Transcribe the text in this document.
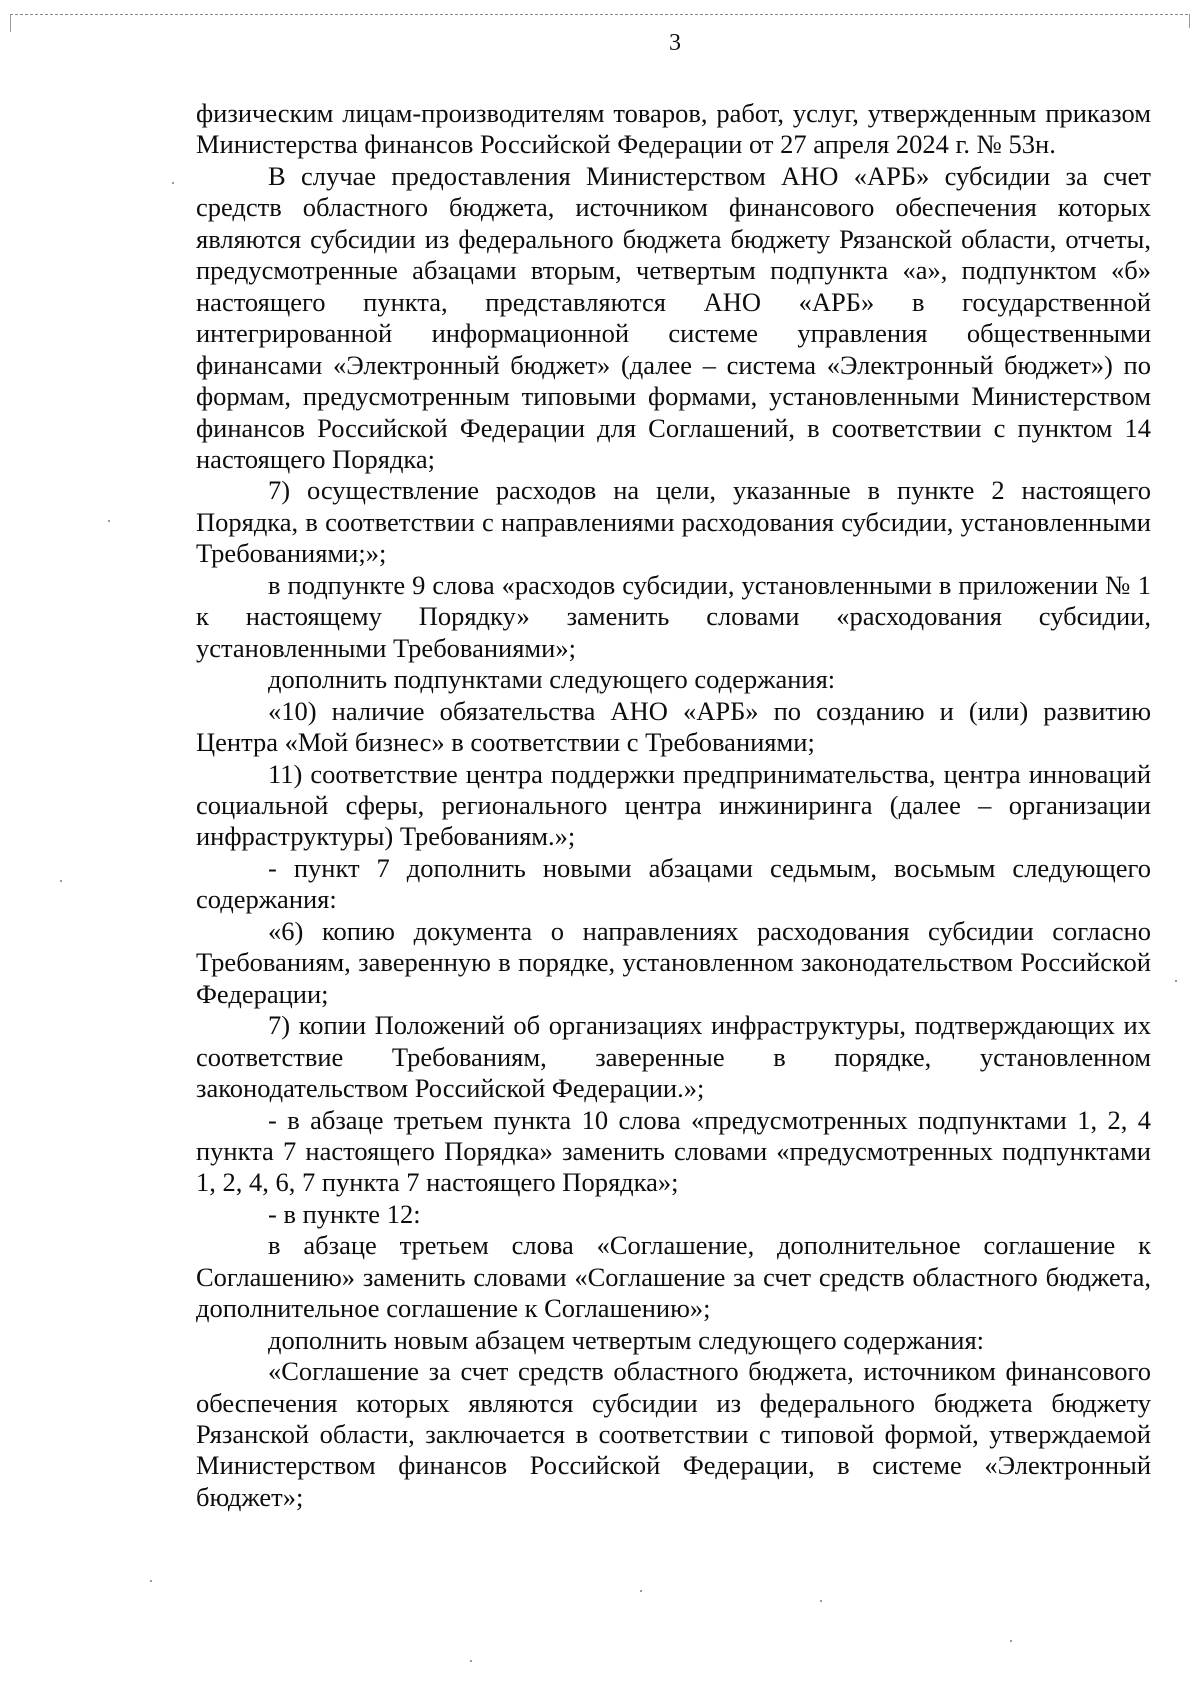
3

физическим лицам-производителям товаров, работ, услуг, утвержденным приказом Министерства финансов Российской Федерации от 27 апреля 2024 г. № 53н.

В случае предоставления Министерством АНО «АРБ» субсидии за счет средств областного бюджета, источником финансового обеспечения которых являются субсидии из федерального бюджета бюджету Рязанской области, отчеты, предусмотренные абзацами вторым, четвертым подпункта «а», подпунктом «б» настоящего пункта, представляются АНО «АРБ» в государственной интегрированной информационной системе управления общественными финансами «Электронный бюджет» (далее – система «Электронный бюджет») по формам, предусмотренным типовыми формами, установленными Министерством финансов Российской Федерации для Соглашений, в соответствии с пунктом 14 настоящего Порядка;

7) осуществление расходов на цели, указанные в пункте 2 настоящего Порядка, в соответствии с направлениями расходования субсидии, установленными Требованиями;»;

в подпункте 9 слова «расходов субсидии, установленными в приложении № 1 к настоящему Порядку» заменить словами «расходования субсидии, установленными Требованиями»;

дополнить подпунктами следующего содержания:

«10) наличие обязательства АНО «АРБ» по созданию и (или) развитию Центра «Мой бизнес» в соответствии с Требованиями;

11) соответствие центра поддержки предпринимательства, центра инноваций социальной сферы, регионального центра инжиниринга (далее – организации инфраструктуры) Требованиям.»;

- пункт 7 дополнить новыми абзацами седьмым, восьмым следующего содержания:

«6) копию документа о направлениях расходования субсидии согласно Требованиям, заверенную в порядке, установленном законодательством Российской Федерации;

7) копии Положений об организациях инфраструктуры, подтверждающих их соответствие Требованиям, заверенные в порядке, установленном законодательством Российской Федерации.»;

- в абзаце третьем пункта 10 слова «предусмотренных подпунктами 1, 2, 4 пункта 7 настоящего Порядка» заменить словами «предусмотренных подпунктами 1, 2, 4, 6, 7 пункта 7 настоящего Порядка»;

- в пункте 12:

в абзаце третьем слова «Соглашение, дополнительное соглашение к Соглашению» заменить словами «Соглашение за счет средств областного бюджета, дополнительное соглашение к Соглашению»;

дополнить новым абзацем четвертым следующего содержания:

«Соглашение за счет средств областного бюджета, источником финансового обеспечения которых являются субсидии из федерального бюджета бюджету Рязанской области, заключается в соответствии с типовой формой, утверждаемой Министерством финансов Российской Федерации, в системе «Электронный бюджет»;
